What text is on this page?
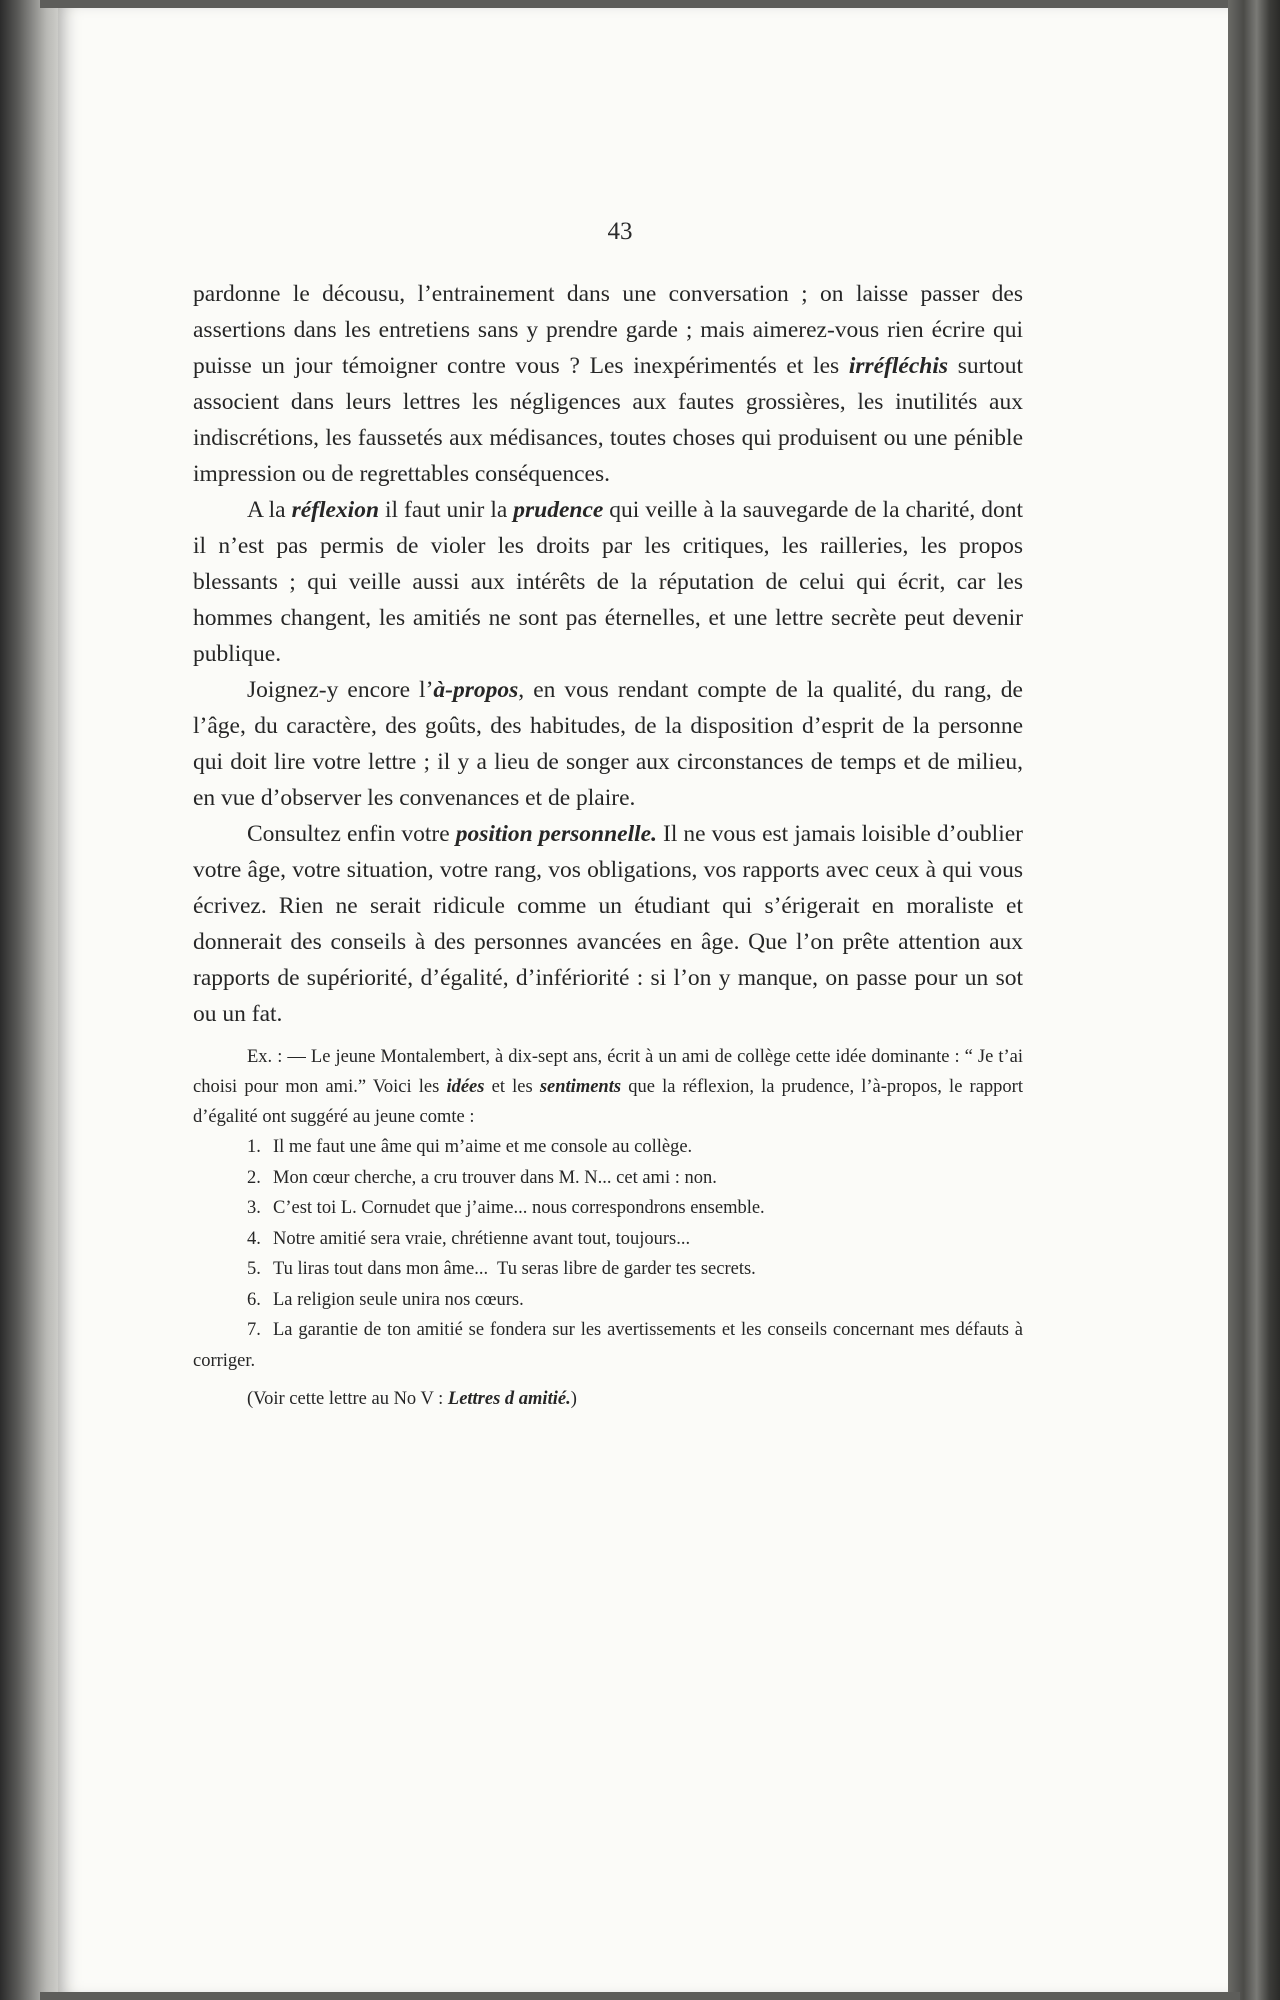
43

pardonne le décousu, l’entrainement dans une conversation ; on laisse passer des assertions dans les entretiens sans y prendre garde ; mais aimerez-vous rien écrire qui puisse un jour témoigner contre vous ? Les inexpérimentés et les irréfléchis surtout associent dans leurs lettres les négligences aux fautes grossières, les inutilités aux indiscrétions, les faussetés aux médisances, toutes choses qui produisent ou une pénible impression ou de regrettables conséquences.

A la réflexion il faut unir la prudence qui veille à la sauvegarde de la charité, dont il n’est pas permis de violer les droits par les critiques, les railleries, les propos blessants ; qui veille aussi aux intérêts de la réputation de celui qui écrit, car les hommes changent, les amitiés ne sont pas éternelles, et une lettre secrète peut devenir publique.

Joignez-y encore l’à-propos, en vous rendant compte de la qualité, du rang, de l’âge, du caractère, des goûts, des habitudes, de la disposition d’esprit de la personne qui doit lire votre lettre ; il y a lieu de songer aux circonstances de temps et de milieu, en vue d’observer les convenances et de plaire.

Consultez enfin votre position personnelle. Il ne vous est jamais loisible d’oublier votre âge, votre situation, votre rang, vos obligations, vos rapports avec ceux à qui vous écrivez. Rien ne serait ridicule comme un étudiant qui s’érigerait en moraliste et donnerait des conseils à des personnes avancées en âge. Que l’on prête attention aux rapports de supériorité, d’égalité, d’infériorité : si l’on y manque, on passe pour un sot ou un fat.

Ex. : — Le jeune Montalembert, à dix-sept ans, écrit à un ami de collège cette idée dominante : “ Je t’ai choisi pour mon ami.” Voici les idées et les sentiments que la réflexion, la prudence, l’à-propos, le rapport d’égalité ont suggéré au jeune comte :

1. Il me faut une âme qui m’aime et me console au collège.
2. Mon cœur cherche, a cru trouver dans M. N... cet ami : non.
3. C’est toi L. Cornudet que j’aime... nous correspondrons ensemble.
4. Notre amitié sera vraie, chrétienne avant tout, toujours...
5. Tu liras tout dans mon âme...  Tu seras libre de garder tes secrets.
6. La religion seule unira nos cœurs.
7. La garantie de ton amitié se fondera sur les avertissements et les conseils concernant mes défauts à corriger.

(Voir cette lettre au No V : Lettres d amitié.)
